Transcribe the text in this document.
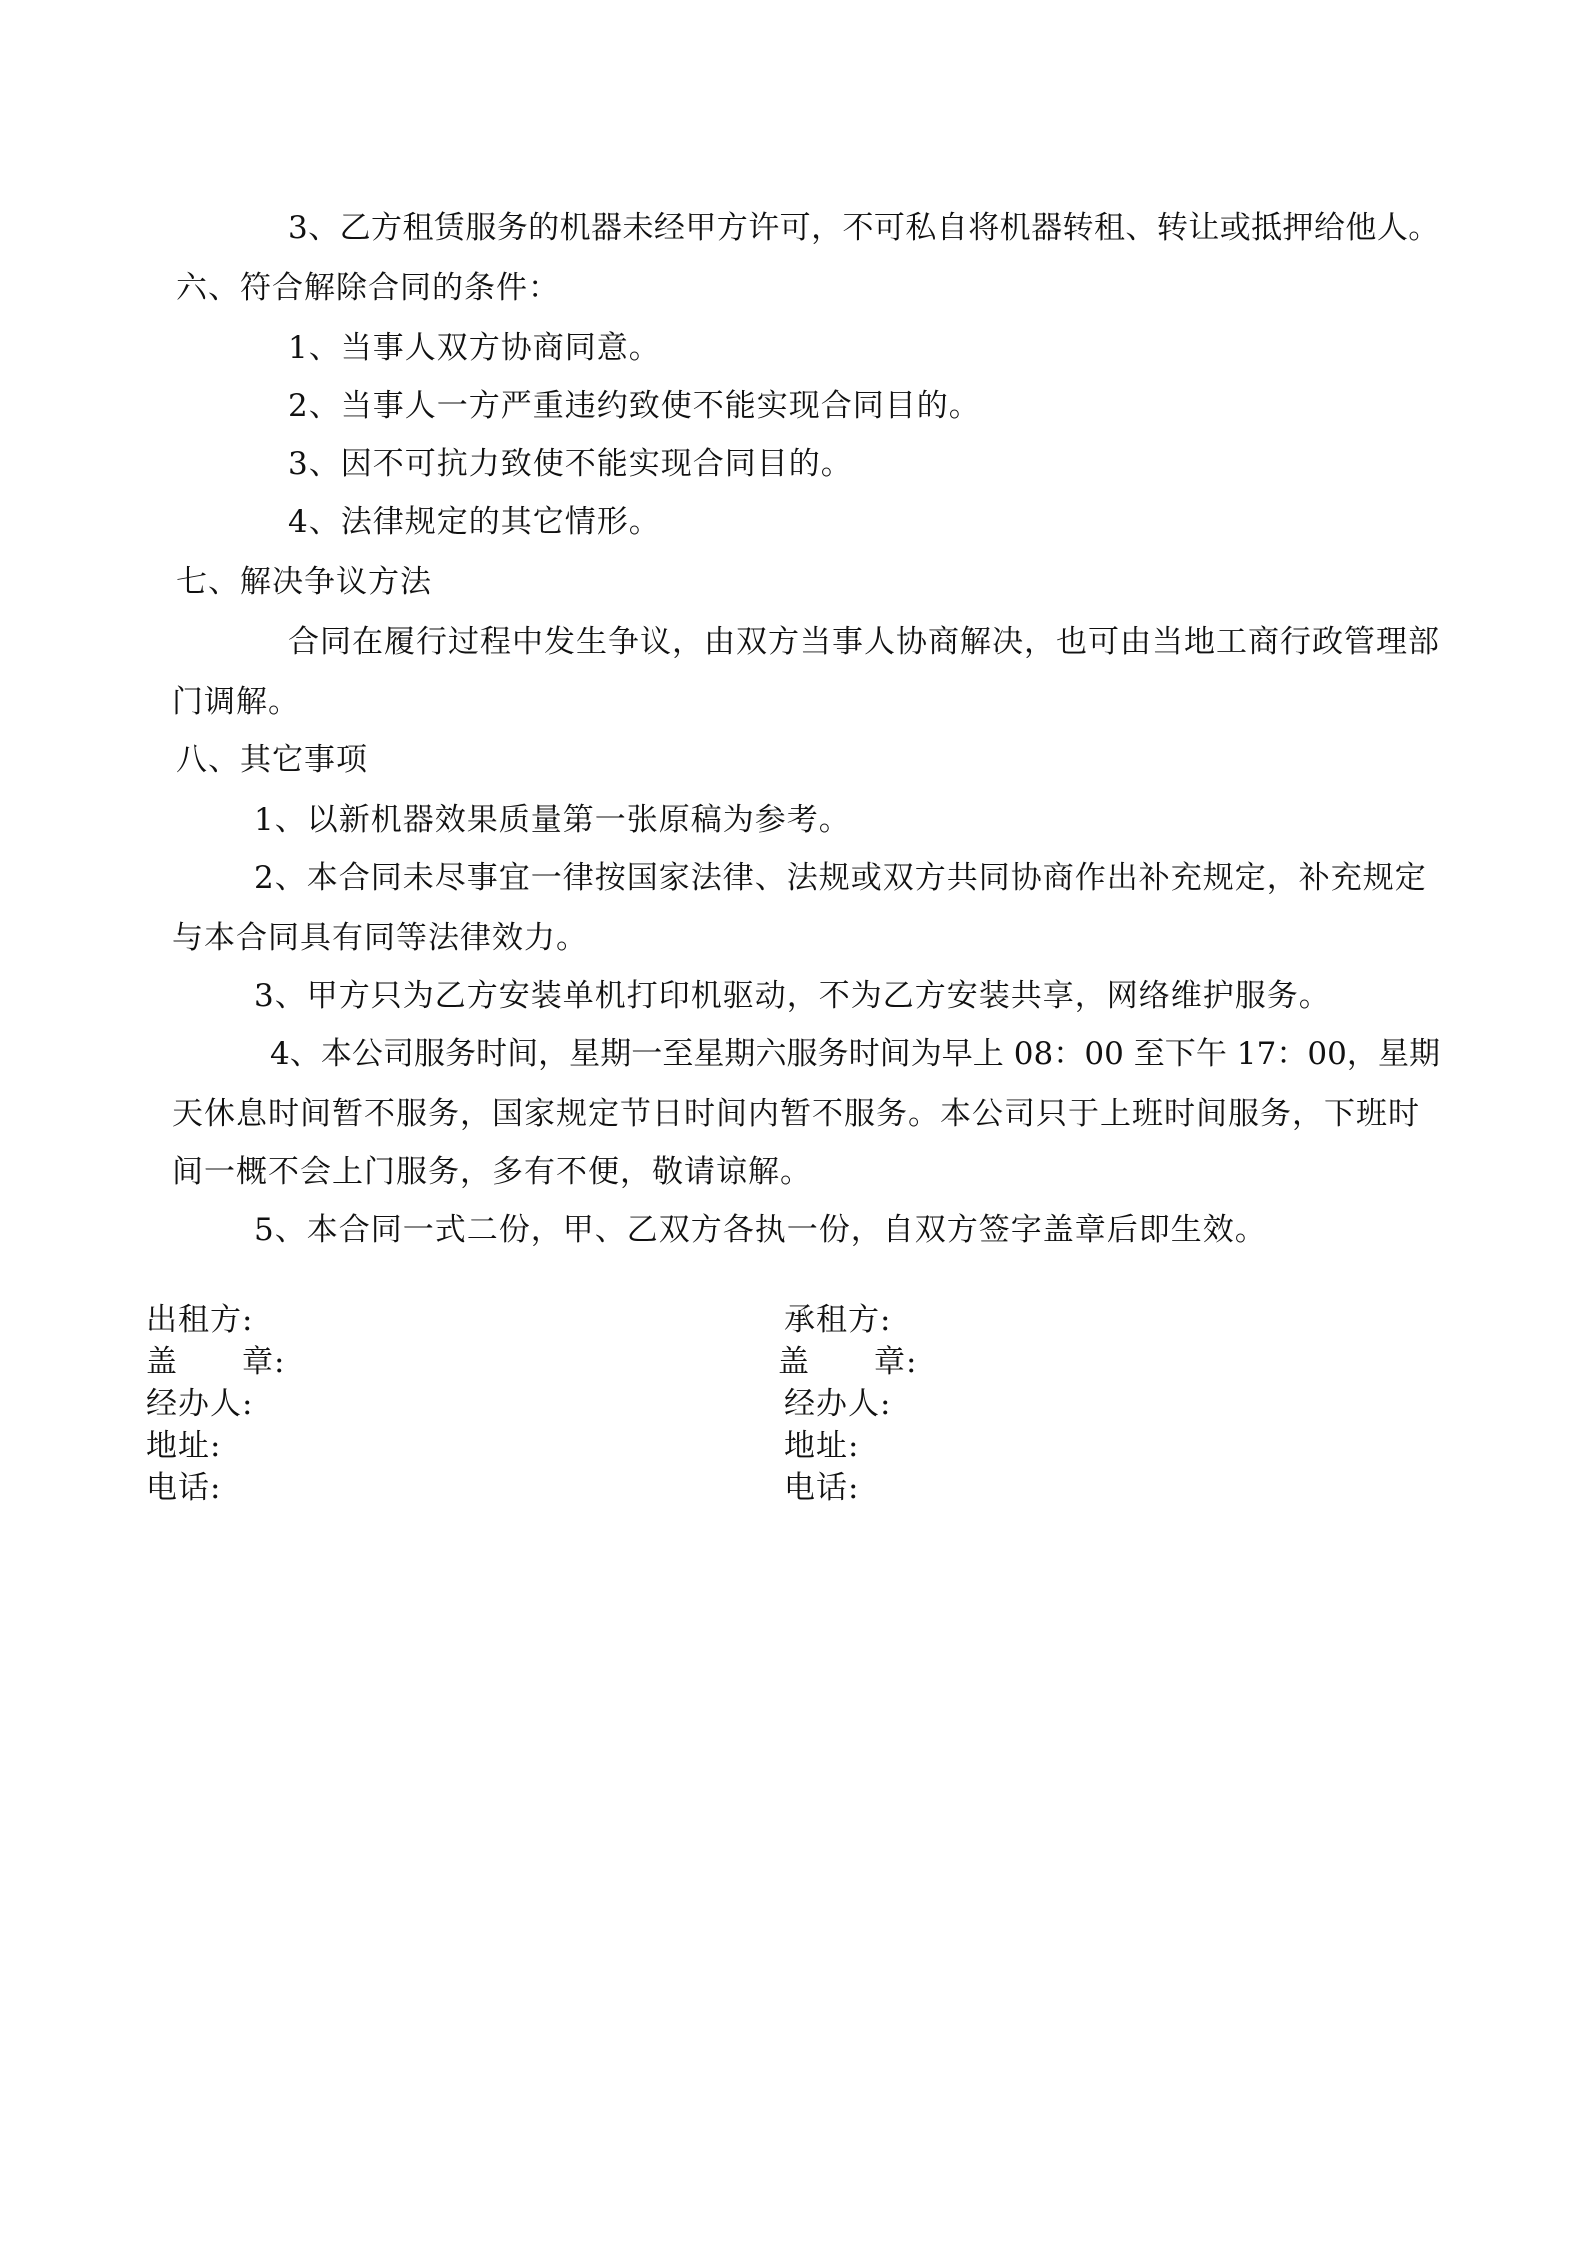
3、乙方租赁服务的机器未经甲方许可，不可私自将机器转租、转让或抵押给他人。
六、符合解除合同的条件：
1、当事人双方协商同意。
2、当事人一方严重违约致使不能实现合同目的。
3、因不可抗力致使不能实现合同目的。
4、法律规定的其它情形。
七、解决争议方法
合同在履行过程中发生争议，由双方当事人协商解决，也可由当地工商行政管理部
门调解。
八、其它事项
1、以新机器效果质量第一张原稿为参考。
2、本合同未尽事宜一律按国家法律、法规或双方共同协商作出补充规定，补充规定
与本合同具有同等法律效力。
3、甲方只为乙方安装单机打印机驱动，不为乙方安装共享，网络维护服务。
4、本公司服务时间，星期一至星期六服务时间为早上 08：00 至下午 17：00，星期
天休息时间暂不服务，国家规定节日时间内暂不服务。本公司只于上班时间服务，下班时
间一概不会上门服务，多有不便，敬请谅解。
5、本合同一式二份，甲、乙双方各执一份，自双方签字盖章后即生效。
出租方:
盖　　章:
经办人:
地址:
电话:
承租方:
盖　　章:
经办人:
地址:
电话:
